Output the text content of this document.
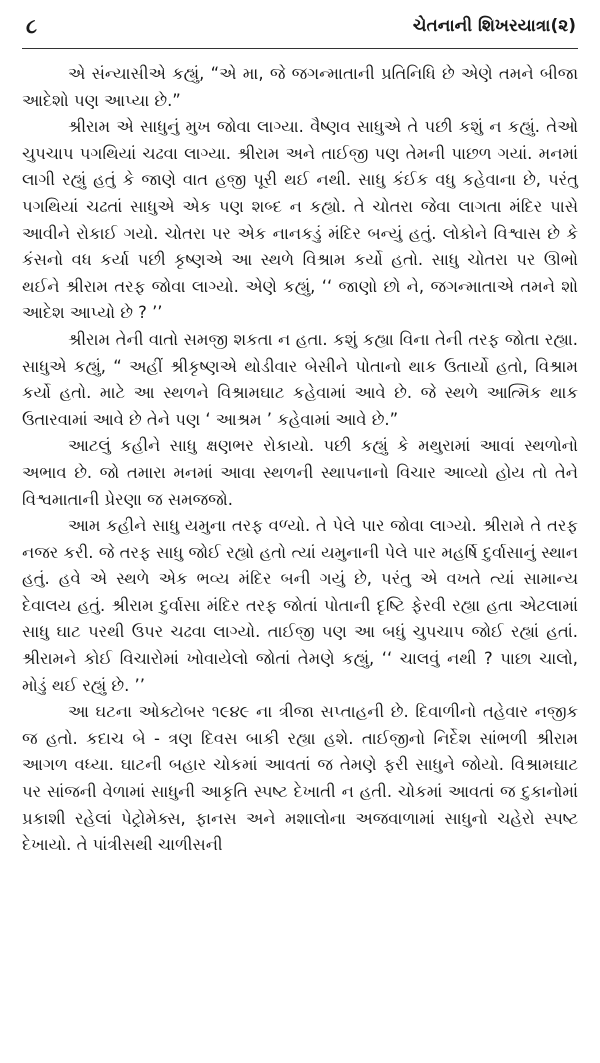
૮	ચેતનાની શિખરયાત્રા(૨)

એ સંન્યાસીએ કહ્યું, “એ મા, જે જગન્માતાની પ્રતિનિધિ છે એણે તમને બીજા આદેશો પણ આપ્યા છે.”

શ્રીરામ એ સાધુનું મુખ જોવા લાગ્યા. વૈષ્ણવ સાધુએ તે પછી કશું ન કહ્યું. તેઓ ચુપચાપ પગથિયાં ચઢવા લાગ્યા. શ્રીરામ અને તાઈજી પણ તેમની પાછળ ગયાં. મનમાં લાગી રહ્યું હતું કે જાણે વાત હજી પૂરી થઈ નથી. સાધુ કંઈક વધુ કહેવાના છે, પરંતુ પગથિયાં ચઢતાં સાધુએ એક પણ શબ્દ ન કહ્યો. તે ચોતરા જેવા લાગતા મંદિર પાસે આવીને રોકાઈ ગયો. ચોતરા પર એક નાનકડું મંદિર બન્યું હતું. લોકોને વિશ્વાસ છે કે કંસનો વધ કર્યા પછી કૃષ્ણએ આ સ્થળે વિશ્રામ કર્યો હતો. સાધુ ચોતરા પર ઊભો થઈને શ્રીરામ તરફ જોવા લાગ્યો. એણે કહ્યું, ‘‘ જાણો છો ને, જગન્માતાએ તમને શો આદેશ આપ્યો છે ? ’’

શ્રીરામ તેની વાતો સમજી શકતા ન હતા. કશું કહ્યા વિના તેની તરફ જોતા રહ્યા. સાધુએ કહ્યું, “ અહીં શ્રીકૃષ્ણએ થોડીવાર બેસીને પોતાનો થાક ઉતાર્યો હતો, વિશ્રામ કર્યો હતો. માટે આ સ્થળને વિશ્રામઘાટ કહેવામાં આવે છે. જે સ્થળે આત્મિક થાક ઉતારવામાં આવે છે તેને પણ ‘ આશ્રમ ’ કહેવામાં આવે છે.”

આટલું કહીને સાધુ ક્ષણભર રોકાયો. પછી કહ્યું કે મથુરામાં આવાં સ્થળોનો અભાવ છે. જો તમારા મનમાં આવા સ્થળની સ્થાપનાનો વિચાર આવ્યો હોય તો તેને વિશ્વમાતાની પ્રેરણા જ સમજજો.

આમ કહીને સાધુ યમુના તરફ વળ્યો. તે પેલે પાર જોવા લાગ્યો. શ્રીરામે તે તરફ નજર કરી. જે તરફ સાધુ જોઈ રહ્યો હતો ત્યાં યમુનાની પેલે પાર મહર્ષિ દુર્વાસાનું સ્થાન હતું. હવે એ સ્થળે એક ભવ્ય મંદિર બની ગયું છે, પરંતુ એ વખતે ત્યાં સામાન્ય દેવાલય હતું. શ્રીરામ દુર્વાસા મંદિર તરફ જોતાં પોતાની દૃષ્ટિ ફેરવી રહ્યા હતા એટલામાં સાધુ ઘાટ પરથી ઉપર ચઢવા લાગ્યો. તાઈજી પણ આ બધું ચુપચાપ જોઈ રહ્યાં હતાં. શ્રીરામને કોઈ વિચારોમાં ખોવાયેલો જોતાં તેમણે કહ્યું, ‘‘ ચાલવું નથી ? પાછા ચાલો, મોડું થઈ રહ્યું છે. ’’

આ ઘટના ઓક્ટોબર ૧૯૪૯ ના ત્રીજા સપ્તાહની છે. દિવાળીનો તહેવાર નજીક જ હતો. કદાચ બે - ત્રણ દિવસ બાકી રહ્યા હશે. તાઈજીનો નિર્દેશ સાંભળી શ્રીરામ આગળ વધ્યા. ઘાટની બહાર ચોકમાં આવતાં જ તેમણે ફરી સાધુને જોયો. વિશ્રામઘાટ પર સાંજની વેળામાં સાધુની આકૃતિ સ્પષ્ટ દેખાતી ન હતી. ચોકમાં આવતાં જ દુકાનોમાં પ્રકાશી રહેલાં પેટ્રોમેક્સ, ફાનસ અને મશાલોના અજવાળામાં સાધુનો ચહેરો સ્પષ્ટ દેખાયો. તે પાંત્રીસથી ચાળીસની
